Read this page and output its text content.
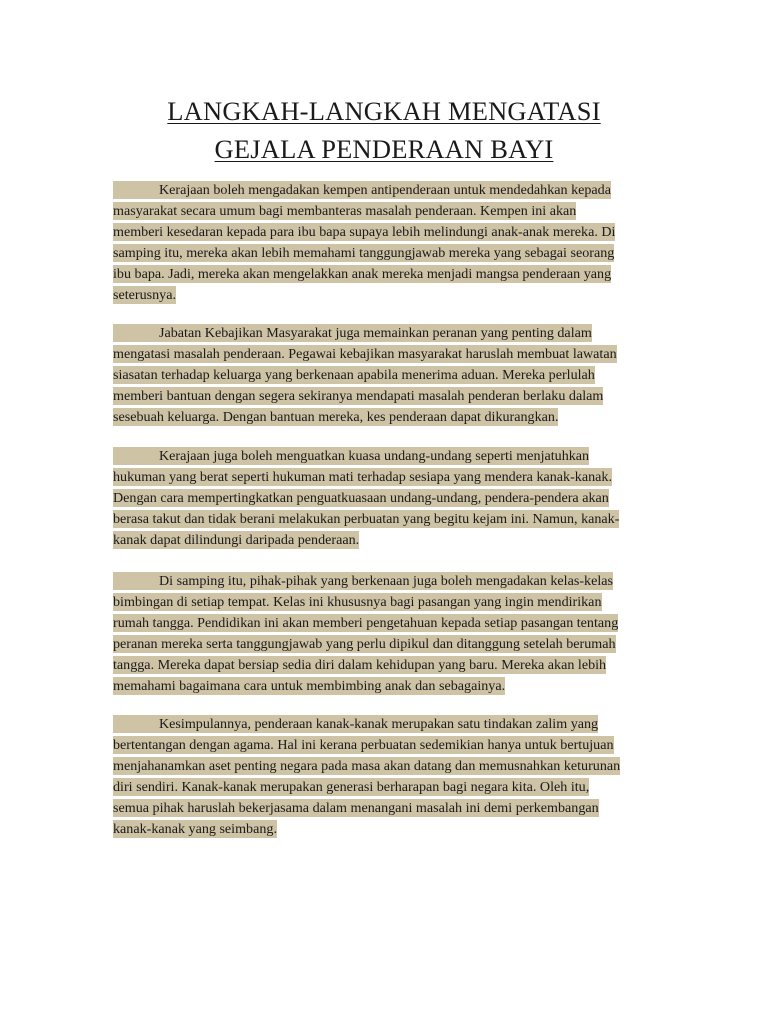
LANGKAH-LANGKAH MENGATASI
GEJALA PENDERAAN BAYI
Kerajaan boleh mengadakan kempen antipenderaan untuk mendedahkan kepada
masyarakat secara umum bagi membanteras masalah penderaan. Kempen ini akan
memberi kesedaran kepada para ibu bapa supaya lebih melindungi anak-anak mereka. Di
samping itu, mereka akan lebih memahami tanggungjawab mereka yang sebagai seorang
ibu bapa. Jadi, mereka akan mengelakkan anak mereka menjadi mangsa penderaan yang
seterusnya.
Jabatan Kebajikan Masyarakat juga memainkan peranan yang penting dalam
mengatasi masalah penderaan. Pegawai kebajikan masyarakat haruslah membuat lawatan
siasatan terhadap keluarga yang berkenaan apabila menerima aduan. Mereka perlulah
memberi bantuan dengan segera sekiranya mendapati masalah penderan berlaku dalam
sesebuah keluarga. Dengan bantuan mereka, kes penderaan dapat dikurangkan.
Kerajaan juga boleh menguatkan kuasa undang-undang seperti menjatuhkan
hukuman yang berat seperti hukuman mati terhadap sesiapa yang mendera kanak-kanak.
Dengan cara mempertingkatkan penguatkuasaan undang-undang, pendera-pendera akan
berasa takut dan tidak berani melakukan perbuatan yang begitu kejam ini. Namun, kanak-
kanak dapat dilindungi daripada penderaan.
Di samping itu, pihak-pihak yang berkenaan juga boleh mengadakan kelas-kelas
bimbingan di setiap tempat. Kelas ini khususnya bagi pasangan yang ingin mendirikan
rumah tangga. Pendidikan ini akan memberi pengetahuan kepada setiap pasangan tentang
peranan mereka serta tanggungjawab yang perlu dipikul dan ditanggung setelah berumah
tangga. Mereka dapat bersiap sedia diri dalam kehidupan yang baru. Mereka akan lebih
memahami bagaimana cara untuk membimbing anak dan sebagainya.
Kesimpulannya, penderaan kanak-kanak merupakan satu tindakan zalim yang
bertentangan dengan agama. Hal ini kerana perbuatan sedemikian hanya untuk bertujuan
menjahanamkan aset penting negara pada masa akan datang dan memusnahkan keturunan
diri sendiri. Kanak-kanak merupakan generasi berharapan bagi negara kita. Oleh itu,
semua pihak haruslah bekerjasama dalam menangani masalah ini demi perkembangan
kanak-kanak yang seimbang.
